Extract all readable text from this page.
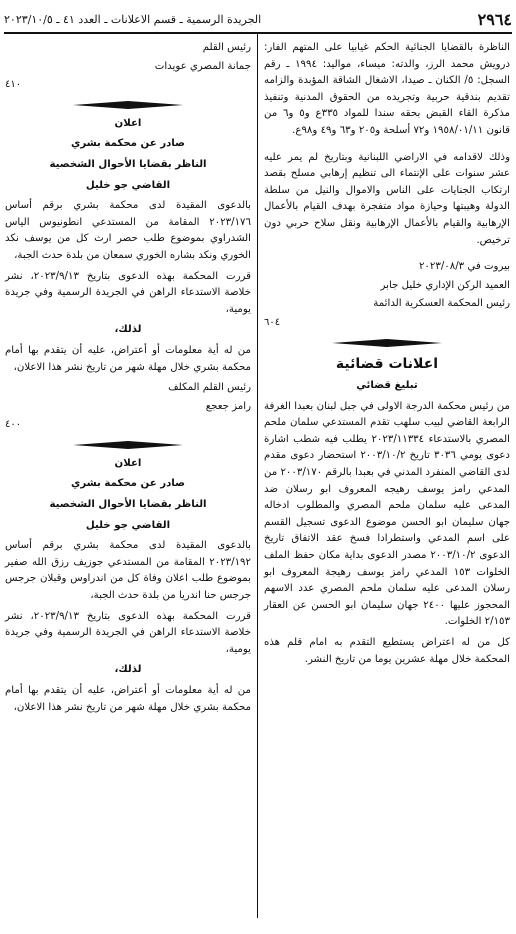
٢٩٦٤
الجريدة الرسمية ـ قسم الاعلانات ـ العدد ٤١ ـ ٢٠٢٣/١٠/٥

الناظرة بالقضايا الجنائية الحكم غيابيا على المتهم الفار: درويش محمد الرز، والدته: ميساء، مواليد: ١٩٩٤ ـ رقم السجل: ٥/ الكنان ـ صيدا، الاشغال الشاقة المؤبدة والزامه تقديم بندقية حربية وتجريده من الحقوق المدنية وتنفيذ مذكرة القاء القبض بحقه سندا للمواد ٣٣٥ع و٥ و٦ من قانون ١٩٥٨/٠١/١١ و٧٢ أسلحة و٢٠٥ و٦٣ و٤٩ و٩٨ع.

وذلك لاقدامه في الاراضي اللبنانية وبتاريخ لم يمر عليه عشر سنوات على الإنتماء الى تنظيم إرهابي مسلح بقصد ارتكاب الجنايات على الناس والاموال والنيل من سلطة الدولة وهيبتها وحيازة مواد متفجرة بهدف القيام بالأعمال الإرهابية والقيام بالأعمال الإرهابية ونقل سلاح حربي دون ترخيص.

بيروت في ٢٠٢٣/٠٨/٣

العميد الركن الإداري خليل جابر

رئيس المحكمة العسكرية الدائمة

٦٠٤

اعلانات قضائية

تبليغ قضائي

من رئيس محكمة الدرجة الاولى في جبل لبنان بعبدا الغرفة الرابعة القاضي لبيب سلهب تقدم المستدعي سلمان ملحم المصري بالاستدعاء ٢٠٢٣/١١٣٣٤ يطلب فيه شطب اشارة دعوى يومي ٣٠٣٦ تاريخ ٢٠٠٣/١٠/٢ استحضار دعوى مقدم لدى القاضي المنفرد المدني في بعبدا بالرقم ٢٠٠٣/١٧٠ من المدعي رامز يوسف رهيجه المعروف ابو رسلان ضد المدعى عليه سلمان ملحم المصري والمطلوب ادخاله جهان سليمان ابو الحسن موضوع الدعوى تسجيل القسم على اسم المدعي واستطرادا فسخ عقد الاتفاق تاريخ الدعوى ٢٠٠٣/١٠/٢ مصدر الدعوى بداية مكان حفظ الملف الخلوات ١٥٣ المدعي رامز يوسف رهيجة المعروف ابو رسلان المدعى عليه سلمان ملحم المصري عدد الاسهم المحجوز عليها ٢٤٠٠ جهان سليمان ابو الحسن عن العقار ٢/١٥٣ الخلوات.

كل من له اعتراض يستطيع التقدم به امام قلم هذه المحكمة خلال مهلة عشرين يوما من تاريخ النشر.

رئيس القلم

جمانة المصري عويدات

٤١٠

اعلان

صادر عن محكمة بشري

الناظر بقضايا الأحوال الشخصية

القاضي جو خليل

بالدعوى المقيدة لدى محكمة بشري برقم أساس ٢٠٢٣/١٧٦ المقامة من المستدعي انطونيوس الياس الشدراوي بموضوع طلب حصر ارث كل من يوسف نكد الخوري ونكد بشاره الخوري سمعان من بلدة حدث الجبة،

قررت المحكمة بهذه الدعوى بتاريخ ٢٠٢٣/٩/١٣، نشر خلاصة الاستدعاء الراهن في الجريدة الرسمية وفي جريدة يومية،

لذلك،

من له أية معلومات أو أعتراض، عليه أن يتقدم بها أمام محكمة بشري خلال مهلة شهر من تاريخ نشر هذا الاعلان،

رئيس القلم المكلف

رامز جعجع

٤٠٠

اعلان

صادر عن محكمة بشري

الناظر بقضايا الأحوال الشخصية

القاضي جو خليل

بالدعوى المقيدة لدى محكمة بشري برقم أساس ٢٠٢٣/١٩٢ المقامة من المستدعي جوزيف رزق الله صفير بموضوع طلب اعلان وفاة كل من اندراوس وقبلان جرجس جرجس حنا اندريا من بلدة حدث الجبة،

قررت المحكمة بهذه الدعوى بتاريخ ٢٠٢٣/٩/١٣، نشر خلاصة الاستدعاء الراهن في الجريدة الرسمية وفي جريدة يومية،

لذلك،

من له أية معلومات أو أعتراض، عليه أن يتقدم بها أمام محكمة بشري خلال مهلة شهر من تاريخ نشر هذا الاعلان،
